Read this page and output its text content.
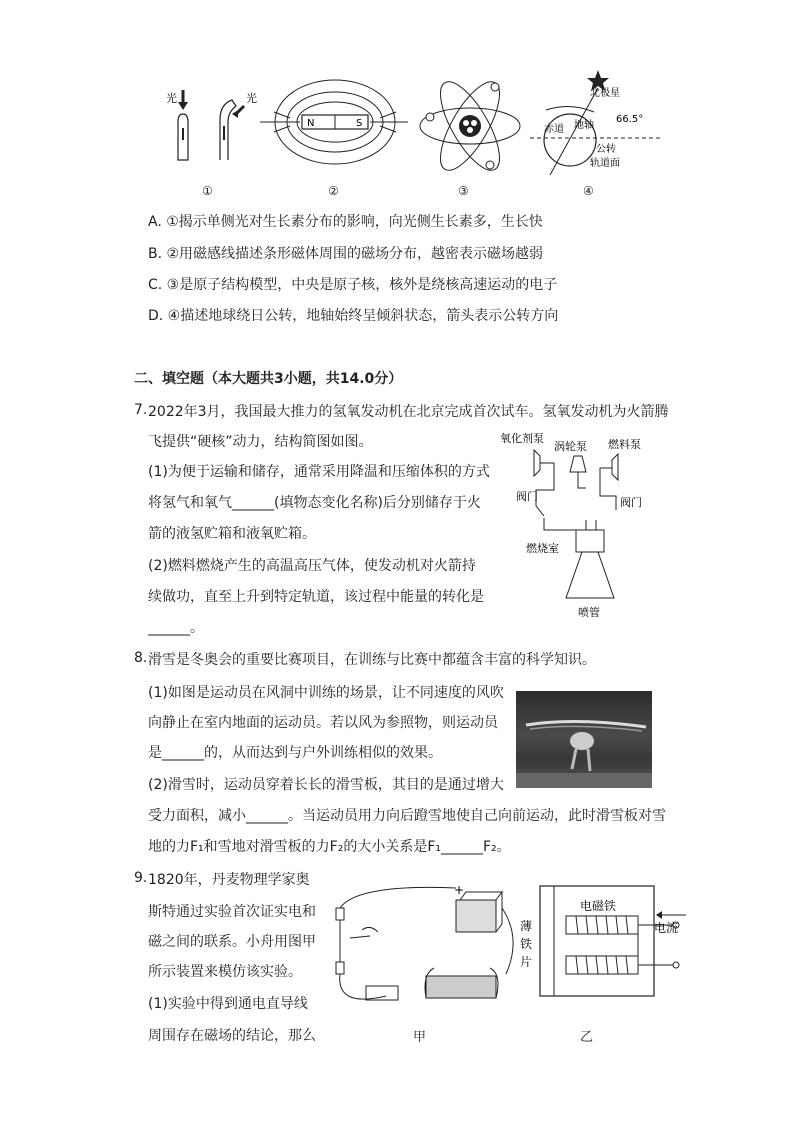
光	光
N	S
北极星
66.5°
赤道 地轴
公转
轨道面
①	②	③	④
A. ①揭示单侧光对生长素分布的影响，向光侧生长素多，生长快
B. ②用磁感线描述条形磁体周围的磁场分布，越密表示磁场越弱
C. ③是原子结构模型，中央是原子核，核外是绕核高速运动的电子
D. ④描述地球绕日公转，地轴始终呈倾斜状态，箭头表示公转方向
二、填空题（本大题共3小题，共14.0分）
7. 2022年3月，我国最大推力的氢氧发动机在北京完成首次试车。氢氧发动机为火箭腾
飞提供“硬核”动力，结构简图如图。
(1)为便于运输和储存，通常采用降温和压缩体积的方式
将氢气和氧气______(填物态变化名称)后分别储存于火
箭的液氢贮箱和液氧贮箱。
(2)燃料燃烧产生的高温高压气体，使发动机对火箭持
续做功，直至上升到特定轨道，该过程中能量的转化是
______。
氧化剂泵
涡轮泵 燃料泵
阀门	阀门
燃烧室
喷管
8. 滑雪是冬奥会的重要比赛项目，在训练与比赛中都蕴含丰富的科学知识。
(1)如图是运动员在风洞中训练的场景，让不同速度的风吹
向静止在室内地面的运动员。若以风为参照物，则运动员
是______的，从而达到与户外训练相似的效果。
(2)滑雪时，运动员穿着长长的滑雪板，其目的是通过增大
受力面积，减小______。当运动员用力向后蹬雪地使自己向前运动，此时滑雪板对雪
地的力F₁和雪地对滑雪板的力F₂的大小关系是F₁______F₂。
9. 1820年，丹麦物理学家奥
斯特通过实验首次证实电和
磁之间的联系。小舟用图甲
所示装置来模仿该实验。
(1)实验中得到通电直导线
周围存在磁场的结论，那么
+
甲
薄
铁
片
电磁铁
电流
乙
